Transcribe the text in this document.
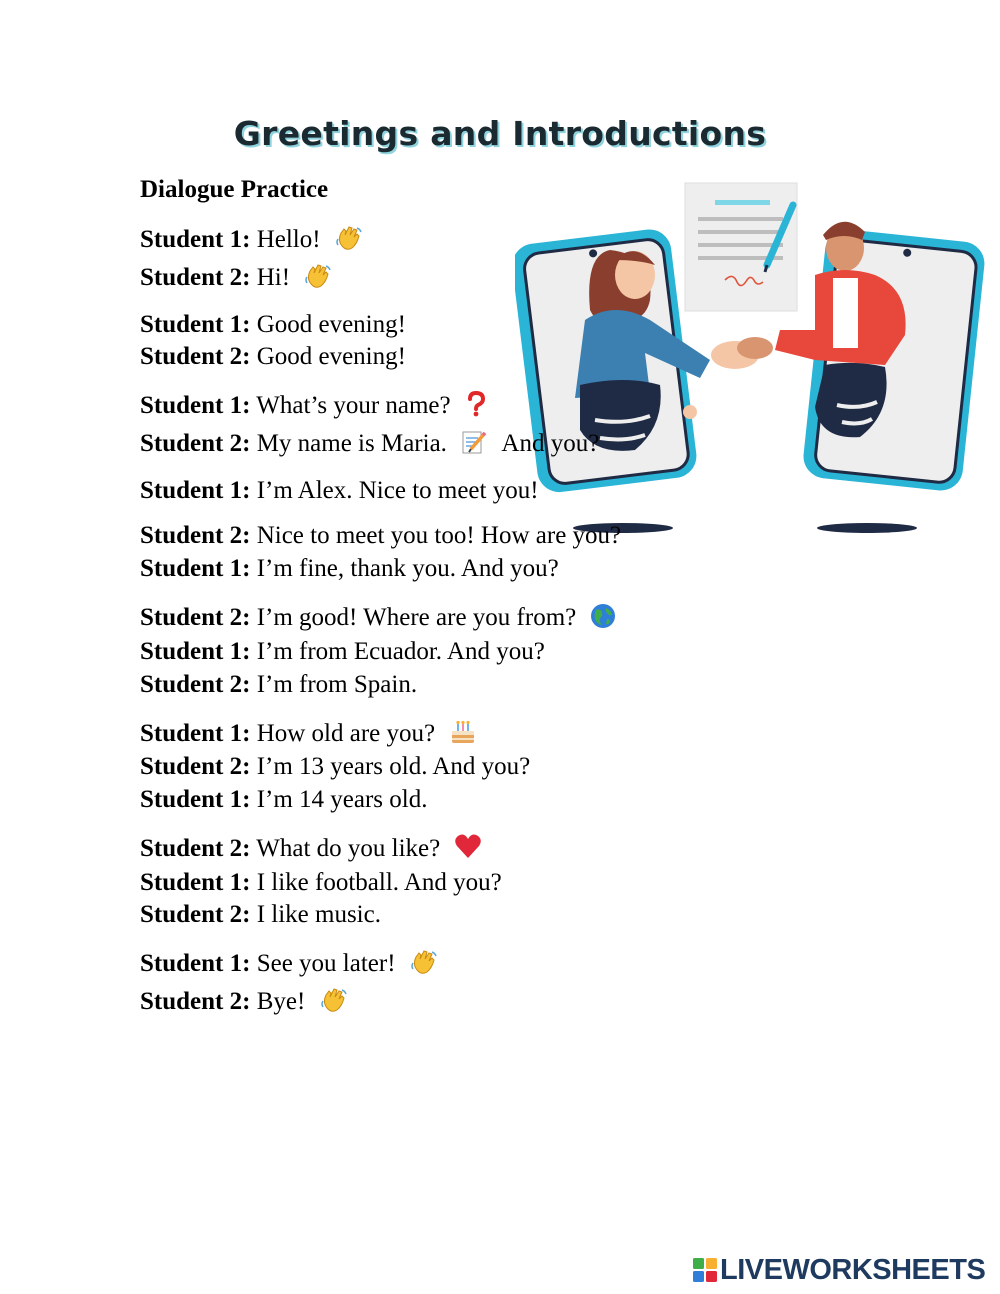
Greetings and Introductions
Dialogue Practice
Student 1: Hello!
Student 2: Hi!
Student 1: Good evening!
Student 2: Good evening!
Student 1: What’s your name?
Student 2: My name is Maria. And you?
Student 1: I’m Alex. Nice to meet you!
Student 2: Nice to meet you too! How are you?
Student 1: I’m fine, thank you. And you?
Student 2: I’m good! Where are you from?
Student 1: I’m from Ecuador. And you?
Student 2: I’m from Spain.
Student 1: How old are you?
Student 2: I’m 13 years old. And you?
Student 1: I’m 14 years old.
Student 2: What do you like?
Student 1: I like football. And you?
Student 2: I like music.
Student 1: See you later!
Student 2: Bye!
LIVEWORKSHEETS
